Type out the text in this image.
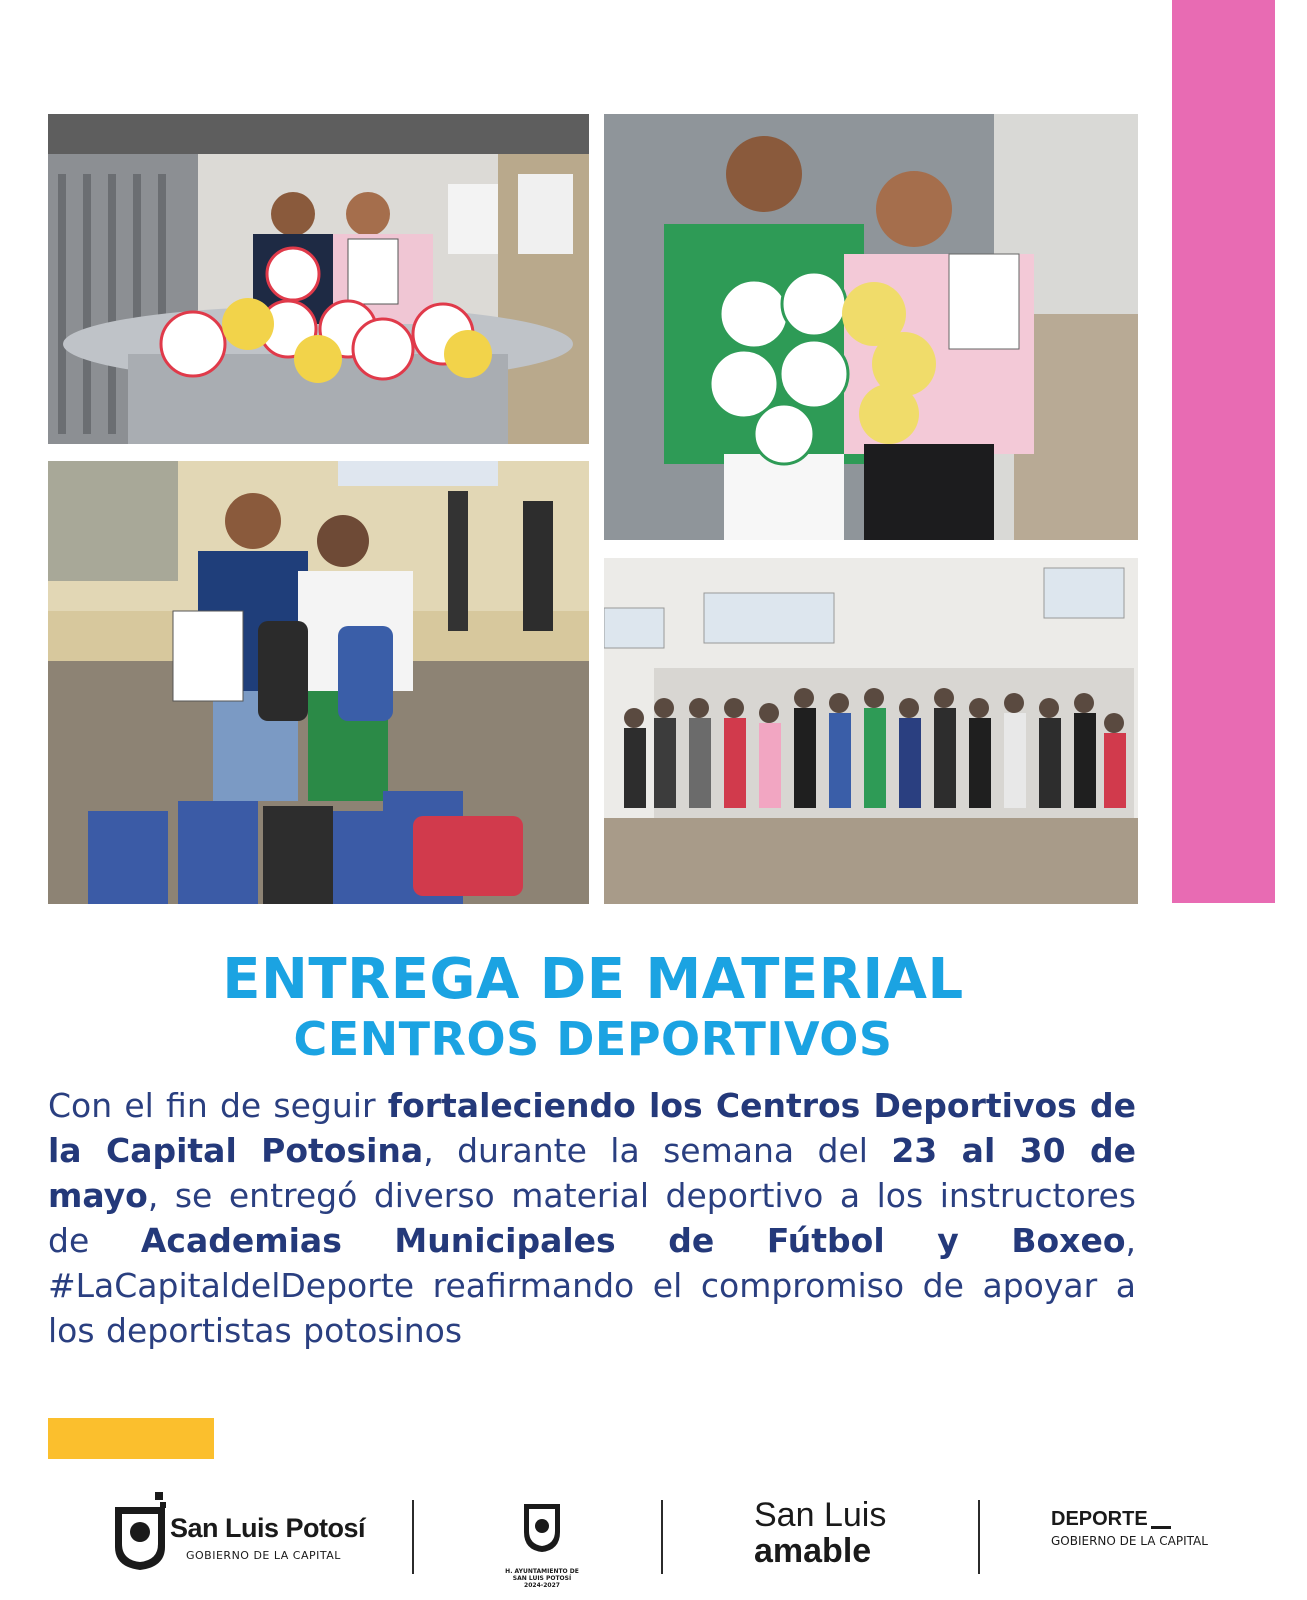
ENTREGA DE MATERIAL
CENTROS DEPORTIVOS

Con el fin de seguir fortaleciendo los Centros Deportivos de la Capital Potosina, durante la semana del 23 al 30 de mayo, se entregó diverso material deportivo a los instructores de Academias Municipales de Fútbol y Boxeo, #LaCapitaldelDeporte reafirmando el compromiso de apoyar a los deportistas potosinos

San Luis Potosí
GOBIERNO DE LA CAPITAL
H. AYUNTAMIENTO DE
SAN LUIS POTOSÍ
2024-2027
San Luis
amable
DEPORTE
GOBIERNO DE LA CAPITAL
